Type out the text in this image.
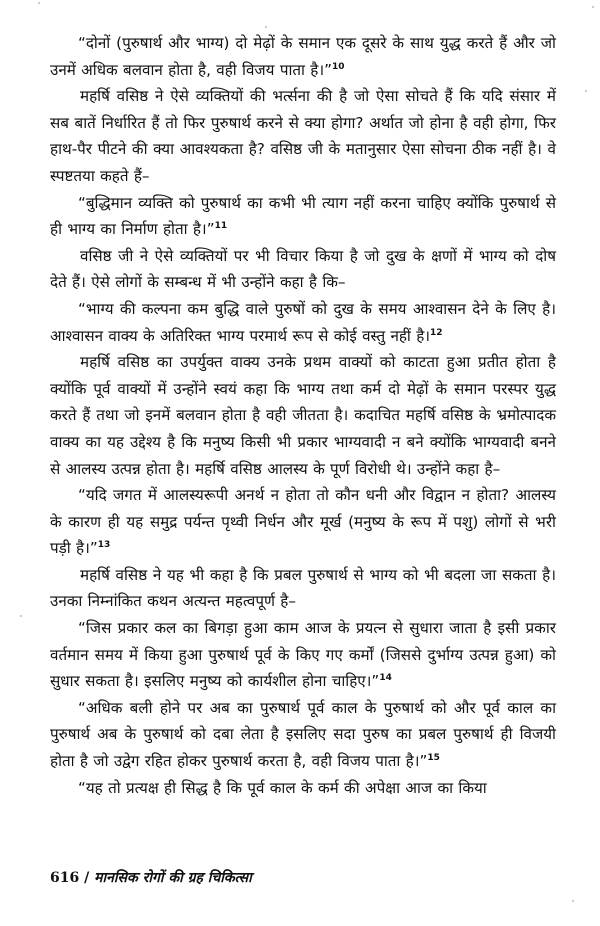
“दोनों (पुरुषार्थ और भाग्य) दो मेढ़ों के समान एक दूसरे के साथ युद्ध करते हैं और जो उनमें अधिक बलवान होता है, वही विजय पाता है।”$^{10}$

महर्षि वसिष्ठ ने ऐसे व्यक्तियों की भर्त्सना की है जो ऐसा सोचते हैं कि यदि संसार में सब बातें निर्धारित हैं तो फिर पुरुषार्थ करने से क्या होगा? अर्थात जो होना है वही होगा, फिर हाथ-पैर पीटने की क्या आवश्यकता है? वसिष्ठ जी के मतानुसार ऐसा सोचना ठीक नहीं है। वे स्पष्टतया कहते हैं–

“बुद्धिमान व्यक्ति को पुरुषार्थ का कभी भी त्याग नहीं करना चाहिए क्योंकि पुरुषार्थ से ही भाग्य का निर्माण होता है।”$^{11}$

वसिष्ठ जी ने ऐसे व्यक्तियों पर भी विचार किया है जो दुख के क्षणों में भाग्य को दोष देते हैं। ऐसे लोगों के सम्बन्ध में भी उन्होंने कहा है कि–

“भाग्य की कल्पना कम बुद्धि वाले पुरुषों को दुख के समय आश्वासन देने के लिए है। आश्वासन वाक्य के अतिरिक्त भाग्य परमार्थ रूप से कोई वस्तु नहीं है।$^{12}$

महर्षि वसिष्ठ का उपर्युक्त वाक्य उनके प्रथम वाक्यों को काटता हुआ प्रतीत होता है क्योंकि पूर्व वाक्यों में उन्होंने स्वयं कहा कि भाग्य तथा कर्म दो मेढ़ों के समान परस्पर युद्ध करते हैं तथा जो इनमें बलवान होता है वही जीतता है। कदाचित महर्षि वसिष्ठ के भ्रमोत्पादक वाक्य का यह उद्देश्य है कि मनुष्य किसी भी प्रकार भाग्यवादी न बने क्योंकि भाग्यवादी बनने से आलस्य उत्पन्न होता है। महर्षि वसिष्ठ आलस्य के पूर्ण विरोधी थे। उन्होंने कहा है–

“यदि जगत में आलस्यरूपी अनर्थ न होता तो कौन धनी और विद्वान न होता? आलस्य के कारण ही यह समुद्र पर्यन्त पृथ्वी निर्धन और मूर्ख (मनुष्य के रूप में पशु) लोगों से भरी पड़ी है।”$^{13}$

महर्षि वसिष्ठ ने यह भी कहा है कि प्रबल पुरुषार्थ से भाग्य को भी बदला जा सकता है। उनका निम्नांकित कथन अत्यन्त महत्वपूर्ण है–

“जिस प्रकार कल का बिगड़ा हुआ काम आज के प्रयत्न से सुधारा जाता है इसी प्रकार वर्तमान समय में किया हुआ पुरुषार्थ पूर्व के किए गए कर्मों (जिससे दुर्भाग्य उत्पन्न हुआ) को सुधार सकता है। इसलिए मनुष्य को कार्यशील होना चाहिए।”$^{14}$

“अधिक बली होने पर अब का पुरुषार्थ पूर्व काल के पुरुषार्थ को और पूर्व काल का पुरुषार्थ अब के पुरुषार्थ को दबा लेता है इसलिए सदा पुरुष का प्रबल पुरुषार्थ ही विजयी होता है जो उद्वेग रहित होकर पुरुषार्थ करता है, वही विजय पाता है।”$^{15}$

“यह तो प्रत्यक्ष ही सिद्ध है कि पूर्व काल के कर्म की अपेक्षा आज का किया

616 / मानसिक रोगों की ग्रह चिकित्सा
